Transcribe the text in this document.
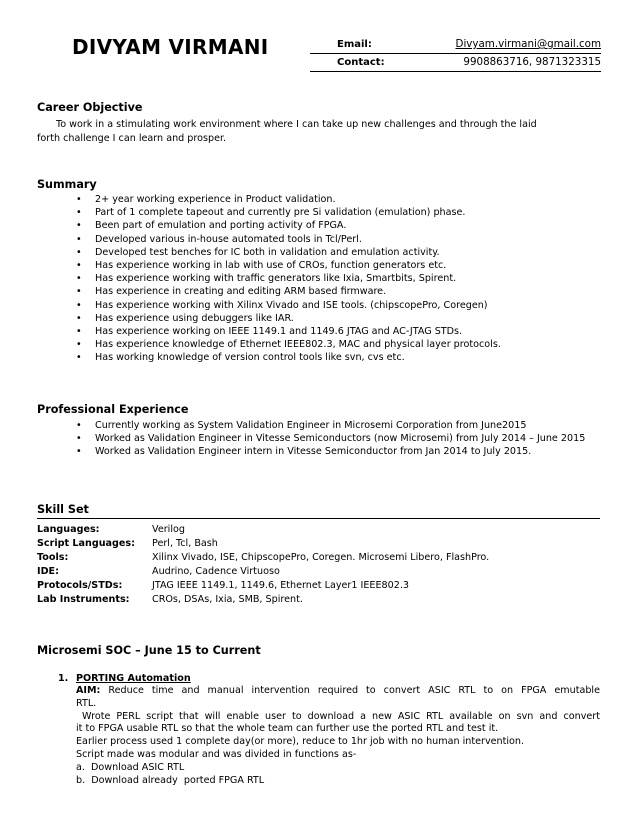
DIVYAM VIRMANI	Email:	Divyam.virmani@gmail.com
Contact:	9908863716, 9871323315
Career Objective
To work in a stimulating work environment where I can take up new challenges and through the laid
forth challenge I can learn and prosper.
Summary
• 2+ year working experience in Product validation.
• Part of 1 complete tapeout and currently pre Si validation (emulation) phase.
• Been part of emulation and porting activity of FPGA.
• Developed various in-house automated tools in Tcl/Perl.
• Developed test benches for IC both in validation and emulation activity.
• Has experience working in lab with use of CROs, function generators etc.
• Has experience working with traffic generators like Ixia, Smartbits, Spirent.
• Has experience in creating and editing ARM based firmware.
• Has experience working with Xilinx Vivado and ISE tools. (chipscopePro, Coregen)
• Has experience using debuggers like IAR.
• Has experience working on IEEE 1149.1 and 1149.6 JTAG and AC-JTAG STDs.
• Has experience knowledge of Ethernet IEEE802.3, MAC and physical layer protocols.
• Has working knowledge of version control tools like svn, cvs etc.
Professional Experience
• Currently working as System Validation Engineer in Microsemi Corporation from June2015
• Worked as Validation Engineer in Vitesse Semiconductors (now Microsemi) from July 2014 – June 2015
• Worked as Validation Engineer intern in Vitesse Semiconductor from Jan 2014 to July 2015.
Skill Set
Languages:	Verilog
Script Languages: Perl, Tcl, Bash
Tools:	Xilinx Vivado, ISE, ChipscopePro, Coregen. Microsemi Libero, FlashPro.
IDE:	Audrino, Cadence Virtuoso
Protocols/STDs:	JTAG IEEE 1149.1, 1149.6, Ethernet Layer1 IEEE802.3
Lab Instruments: CROs, DSAs, Ixia, SMB, Spirent.
Microsemi SOC – June 15 to Current
1. PORTING Automation
AIM: Reduce time and manual intervention required to convert ASIC RTL to on FPGA emutable
RTL.
Wrote PERL script that will enable user to download a new ASIC RTL available on svn and convert
it to FPGA usable RTL so that the whole team can further use the ported RTL and test it.
Earlier process used 1 complete day(or more), reduce to 1hr job with no human intervention.
Script made was modular and was divided in functions as-
a.  Download ASIC RTL
b.  Download already  ported FPGA RTL
